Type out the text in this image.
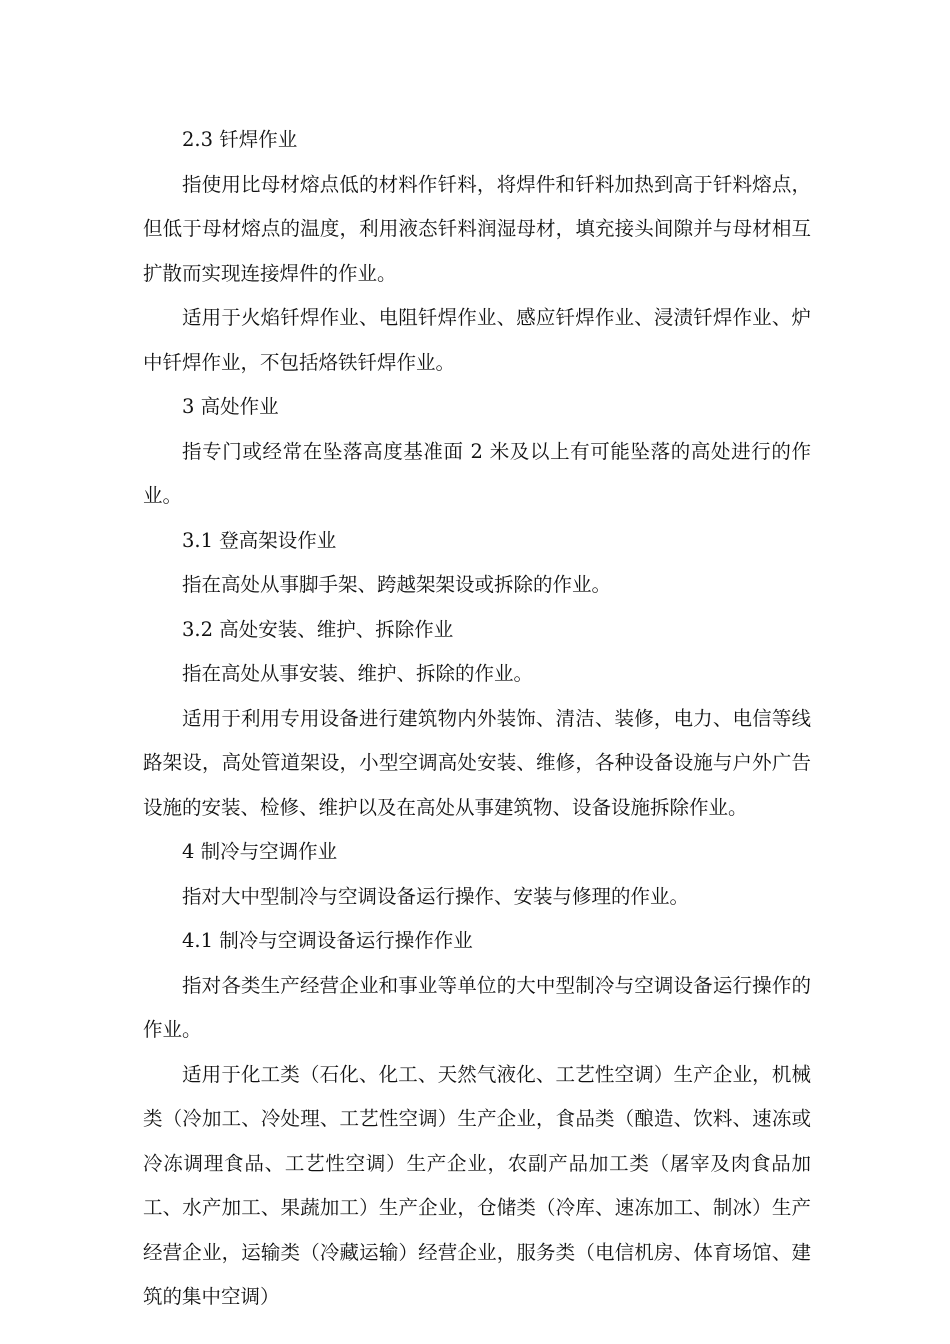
2.3 钎焊作业

指使用比母材熔点低的材料作钎料，将焊件和钎料加热到高于钎料熔点，但低于母材熔点的温度，利用液态钎料润湿母材，填充接头间隙并与母材相互扩散而实现连接焊件的作业。

适用于火焰钎焊作业、电阻钎焊作业、感应钎焊作业、浸渍钎焊作业、炉中钎焊作业，不包括烙铁钎焊作业。

3 高处作业

指专门或经常在坠落高度基准面 2 米及以上有可能坠落的高处进行的作业。

3.1 登高架设作业

指在高处从事脚手架、跨越架架设或拆除的作业。

3.2 高处安装、维护、拆除作业

指在高处从事安装、维护、拆除的作业。

适用于利用专用设备进行建筑物内外装饰、清洁、装修，电力、电信等线路架设，高处管道架设，小型空调高处安装、维修，各种设备设施与户外广告设施的安装、检修、维护以及在高处从事建筑物、设备设施拆除作业。

4 制冷与空调作业

指对大中型制冷与空调设备运行操作、安装与修理的作业。

4.1 制冷与空调设备运行操作作业

指对各类生产经营企业和事业等单位的大中型制冷与空调设备运行操作的作业。

适用于化工类（石化、化工、天然气液化、工艺性空调）生产企业，机械类（冷加工、冷处理、工艺性空调）生产企业，食品类（酿造、饮料、速冻或冷冻调理食品、工艺性空调）生产企业，农副产品加工类（屠宰及肉食品加工、水产加工、果蔬加工）生产企业，仓储类（冷库、速冻加工、制冰）生产经营企业，运输类（冷藏运输）经营企业，服务类（电信机房、体育场馆、建筑的集中空调）
